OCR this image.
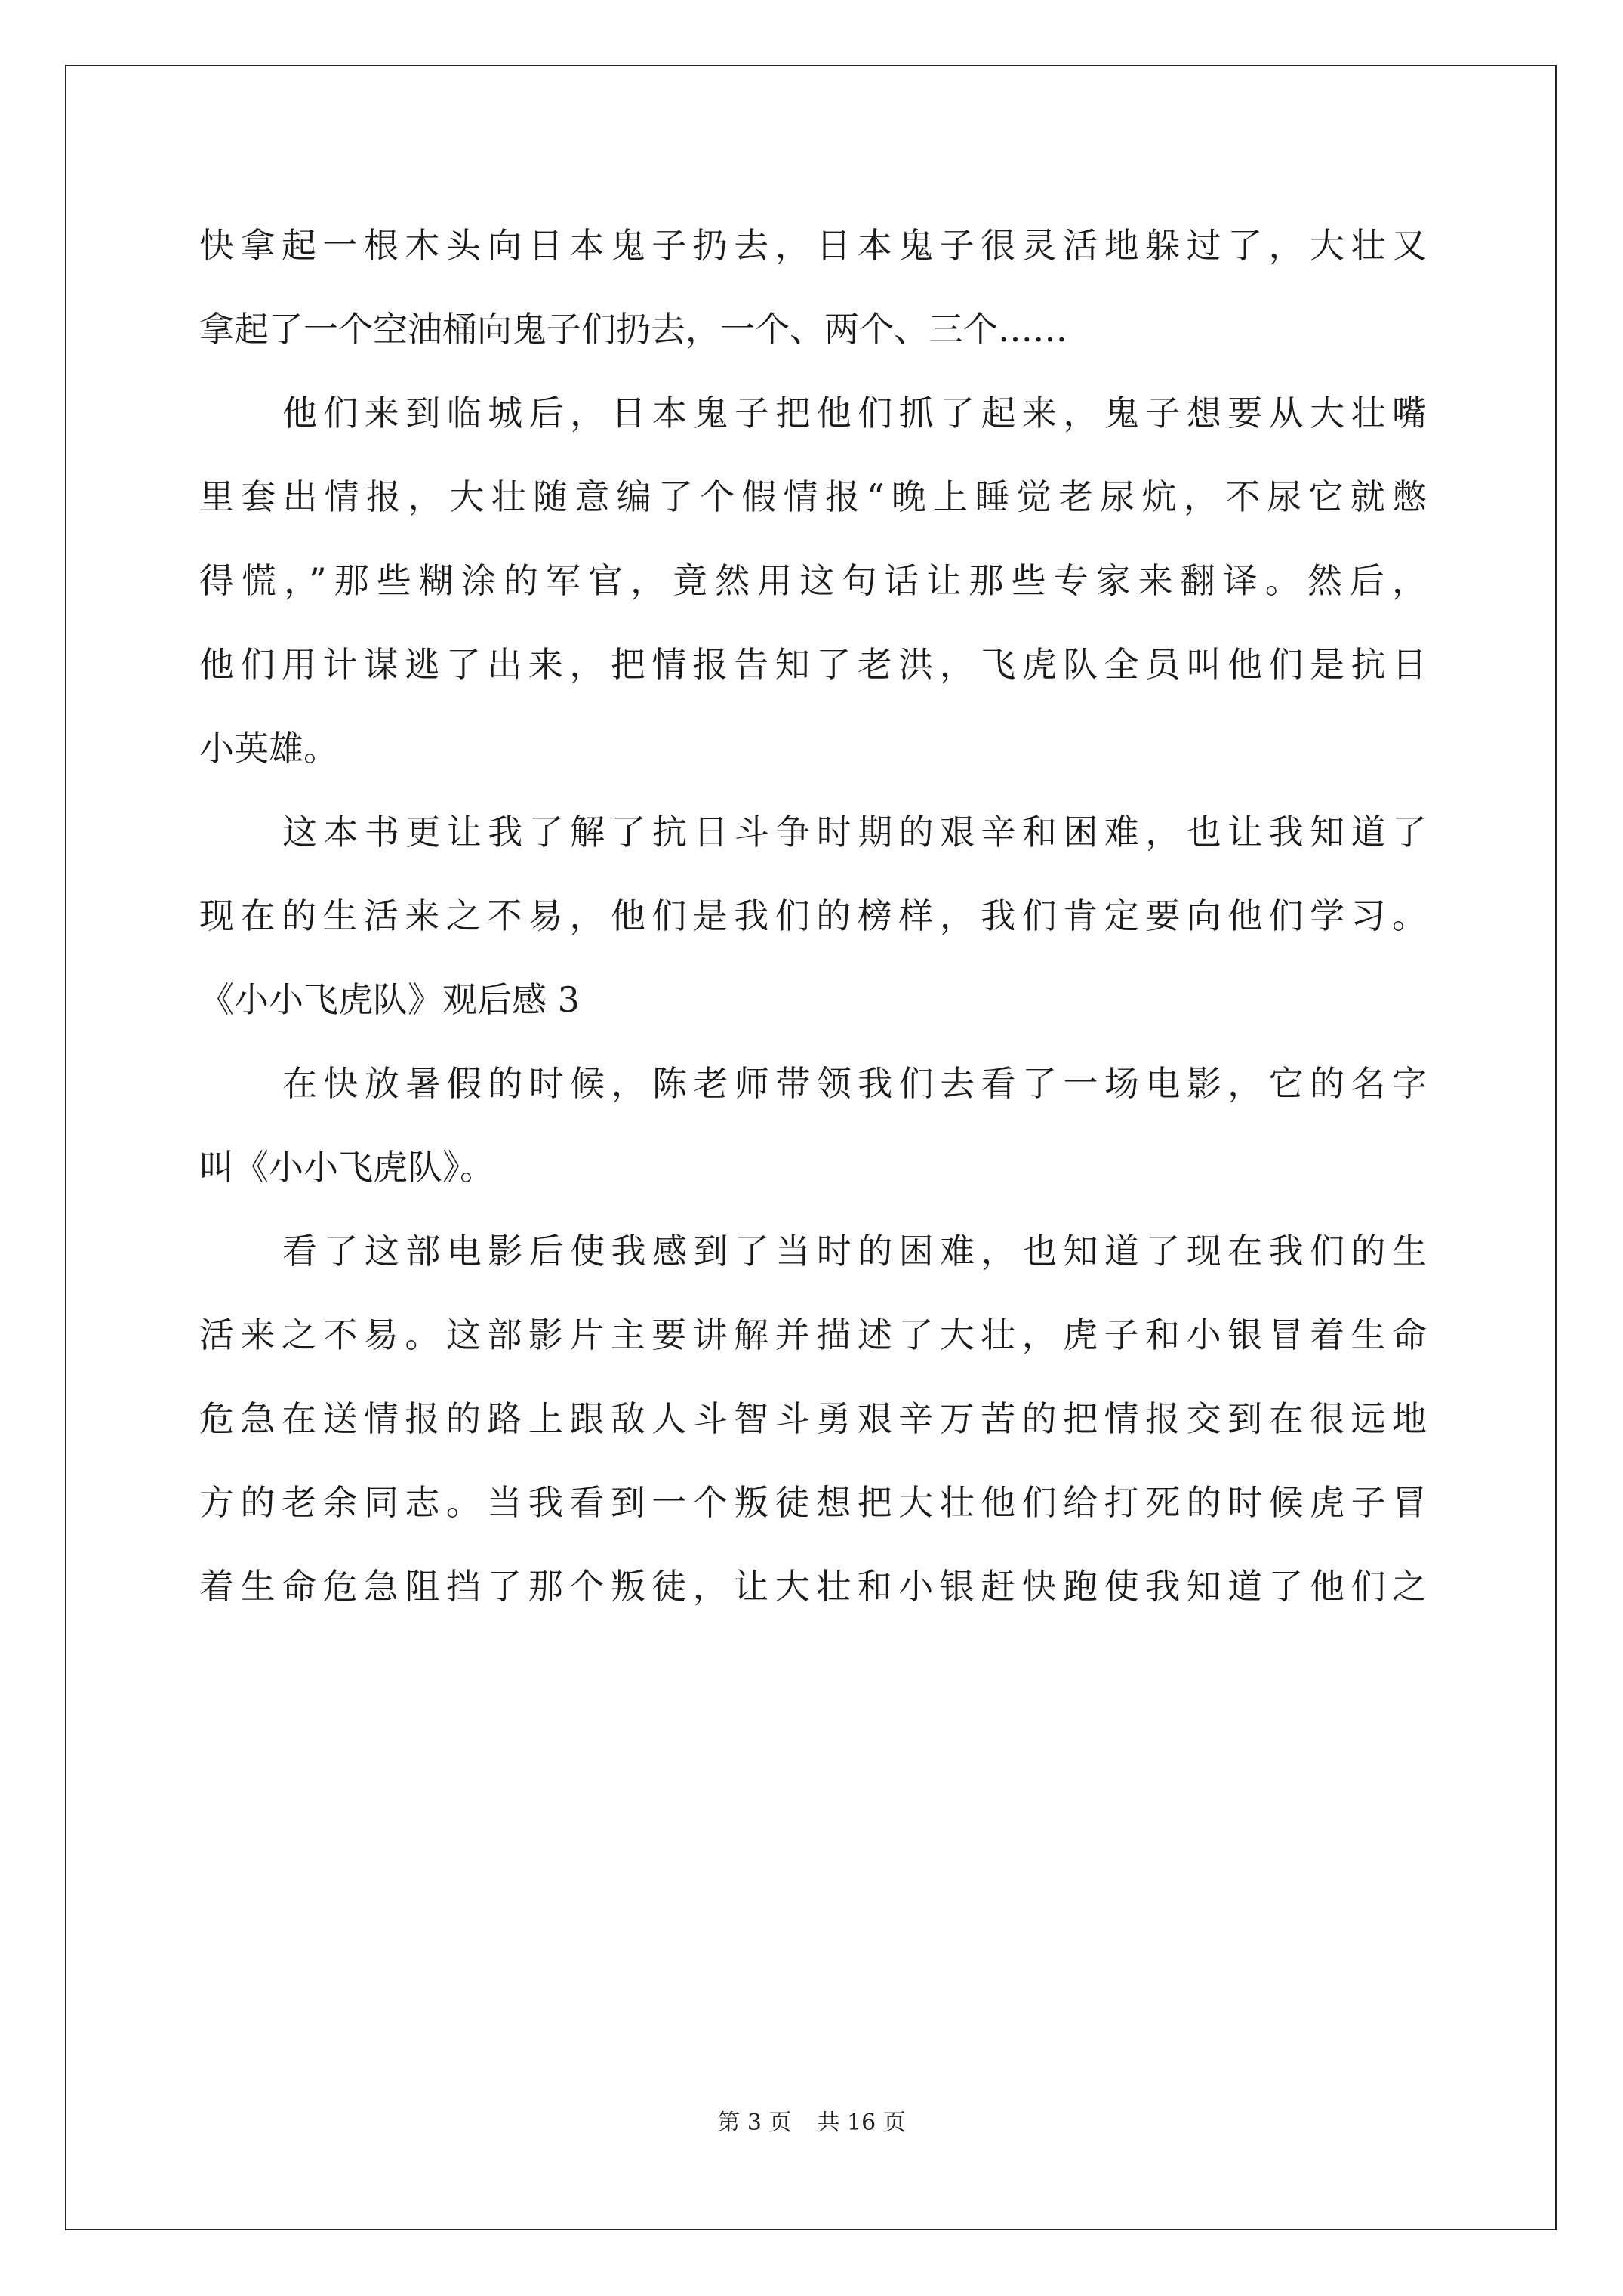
快拿起一根木头向日本鬼子扔去，日本鬼子很灵活地躲过了，大壮又
拿起了一个空油桶向鬼子们扔去，一个、两个、三个……
他们来到临城后，日本鬼子把他们抓了起来，鬼子想要从大壮嘴
里套出情报，大壮随意编了个假情报“晚上睡觉老尿炕，不尿它就憋
得慌，”那些糊涂的军官，竟然用这句话让那些专家来翻译。然后，
他们用计谋逃了出来，把情报告知了老洪，飞虎队全员叫他们是抗日
小英雄。
这本书更让我了解了抗日斗争时期的艰辛和困难，也让我知道了
现在的生活来之不易，他们是我们的榜样，我们肯定要向他们学习。
《小小飞虎队》观后感 3
在快放暑假的时候，陈老师带领我们去看了一场电影，它的名字
叫《小小飞虎队》。
看了这部电影后使我感到了当时的困难，也知道了现在我们的生
活来之不易。这部影片主要讲解并描述了大壮，虎子和小银冒着生命
危急在送情报的路上跟敌人斗智斗勇艰辛万苦的把情报交到在很远地
方的老余同志。当我看到一个叛徒想把大壮他们给打死的时候虎子冒
着生命危急阻挡了那个叛徒，让大壮和小银赶快跑使我知道了他们之
第 3 页 共 16 页
